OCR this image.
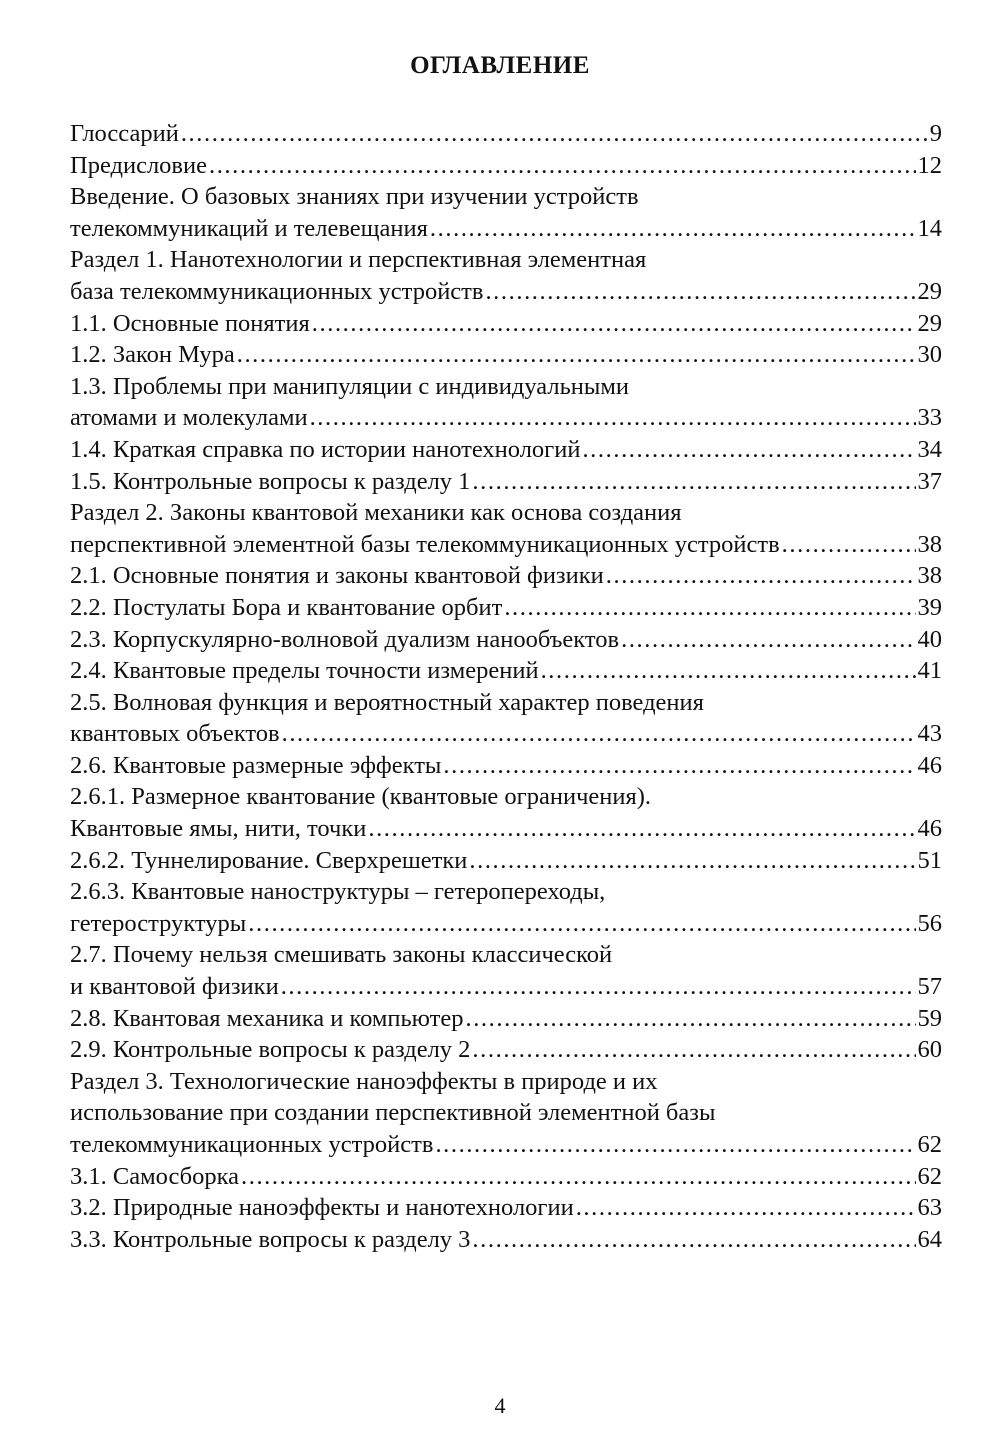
ОГЛАВЛЕНИЕ
Глоссарий .....	9
Предисловие .....	12
Введение. О базовых знаниях при изучении устройств
телекоммуникаций и телевещания .....	14
Раздел 1. Нанотехнологии и перспективная элементная
база телекоммуникационных устройств .....	29
1.1. Основные понятия .....	29
1.2. Закон Мура .....	30
1.3. Проблемы при манипуляции с индивидуальными
атомами и молекулами .....	33
1.4. Краткая справка по истории нанотехнологий .....	34
1.5. Контрольные вопросы к разделу 1 .....	37
Раздел 2. Законы квантовой механики как основа создания
перспективной элементной базы телекоммуникационных устройств .....	38
2.1. Основные понятия и законы квантовой физики .....	38
2.2. Постулаты Бора и квантование орбит .....	39
2.3. Корпускулярно-волновой дуализм нанообъектов .....	40
2.4. Квантовые пределы точности измерений .....	41
2.5. Волновая функция и вероятностный характер поведения
квантовых объектов .....	43
2.6. Квантовые размерные эффекты .....	46
2.6.1. Размерное квантование (квантовые ограничения).
Квантовые ямы, нити, точки .....	46
2.6.2. Туннелирование. Сверхрешетки .....	51
2.6.3. Квантовые наноструктуры – гетеропереходы,
гетероструктуры .....	56
2.7. Почему нельзя смешивать законы классической
и квантовой физики .....	57
2.8. Квантовая механика и компьютер .....	59
2.9. Контрольные вопросы к разделу 2 .....	60
Раздел 3. Технологические наноэффекты в природе и их
использование при создании перспективной элементной базы
телекоммуникационных устройств .....	62
3.1. Самосборка .....	62
3.2. Природные наноэффекты и нанотехнологии .....	63
3.3. Контрольные вопросы к разделу 3 .....	64
4
